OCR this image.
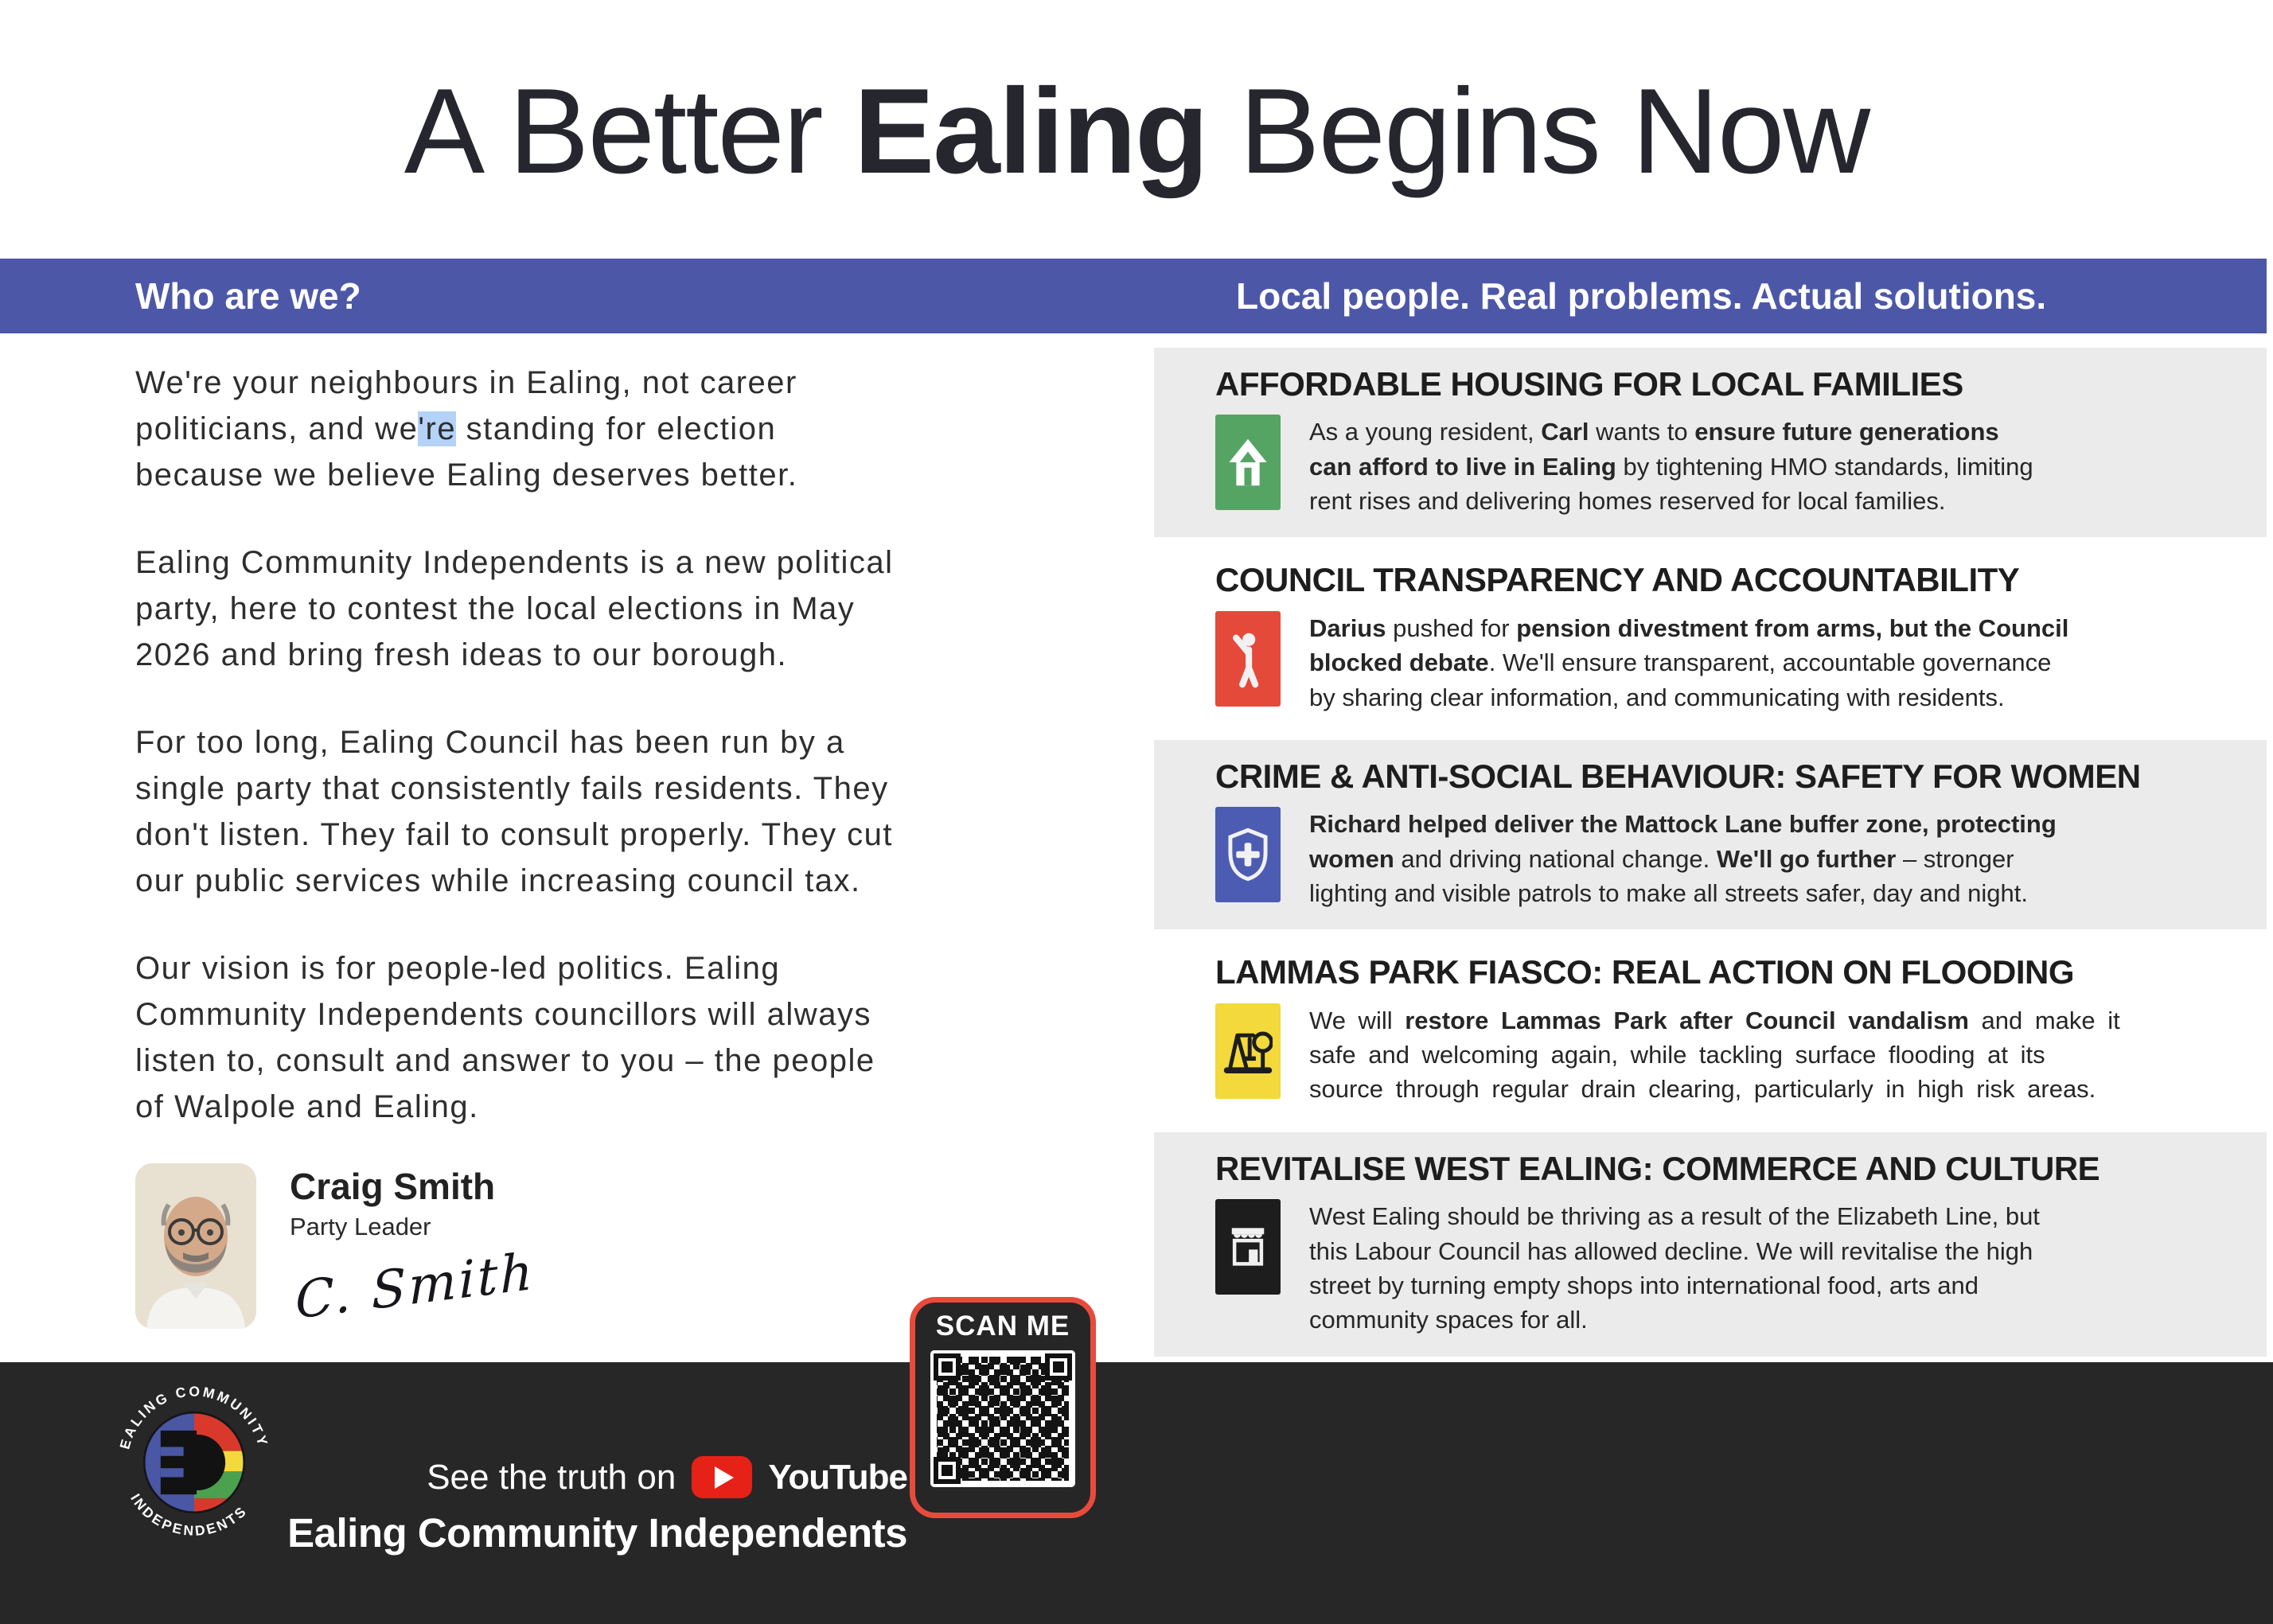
A Better Ealing Begins Now
Who are we?	Local people. Real problems. Actual solutions.

We're your neighbours in Ealing, not career
politicians, and we're standing for election
because we believe Ealing deserves better.

Ealing Community Independents is a new political
party, here to contest the local elections in May
2026 and bring fresh ideas to our borough.

For too long, Ealing Council has been run by a
single party that consistently fails residents. They
don't listen. They fail to consult properly. They cut
our public services while increasing council tax.

Our vision is for people-led politics. Ealing
Community Independents councillors will always
listen to, consult and answer to you – the people
of Walpole and Ealing.

Craig Smith
Party Leader
C. Smith
AFFORDABLE HOUSING FOR LOCAL FAMILIES

As a young resident, Carl wants to ensure future generations
can afford to live in Ealing by tightening HMO standards, limiting
rent rises and delivering homes reserved for local families.

COUNCIL TRANSPARENCY AND ACCOUNTABILITY

Darius pushed for pension divestment from arms, but the Council
blocked debate. We'll ensure transparent, accountable governance
by sharing clear information, and communicating with residents.

CRIME & ANTI-SOCIAL BEHAVIOUR: SAFETY FOR WOMEN

Richard helped deliver the Mattock Lane buffer zone, protecting
women and driving national change. We'll go further – stronger
lighting and visible patrols to make all streets safer, day and night.

LAMMAS PARK FIASCO: REAL ACTION ON FLOODING

We will restore Lammas Park after Council vandalism and make it
safe and welcoming again, while tackling surface flooding at its
source through regular drain clearing, particularly in high risk areas.

REVITALISE WEST EALING: COMMERCE AND CULTURE

West Ealing should be thriving as a result of the Elizabeth Line, but
this Labour Council has allowed decline. We will revitalise the high
street by turning empty shops into international food, arts and
community spaces for all.

EALING COMMUNITY
INDEPENDENTS
See the truth on	YouTube
Ealing Community Independents
SCAN ME
